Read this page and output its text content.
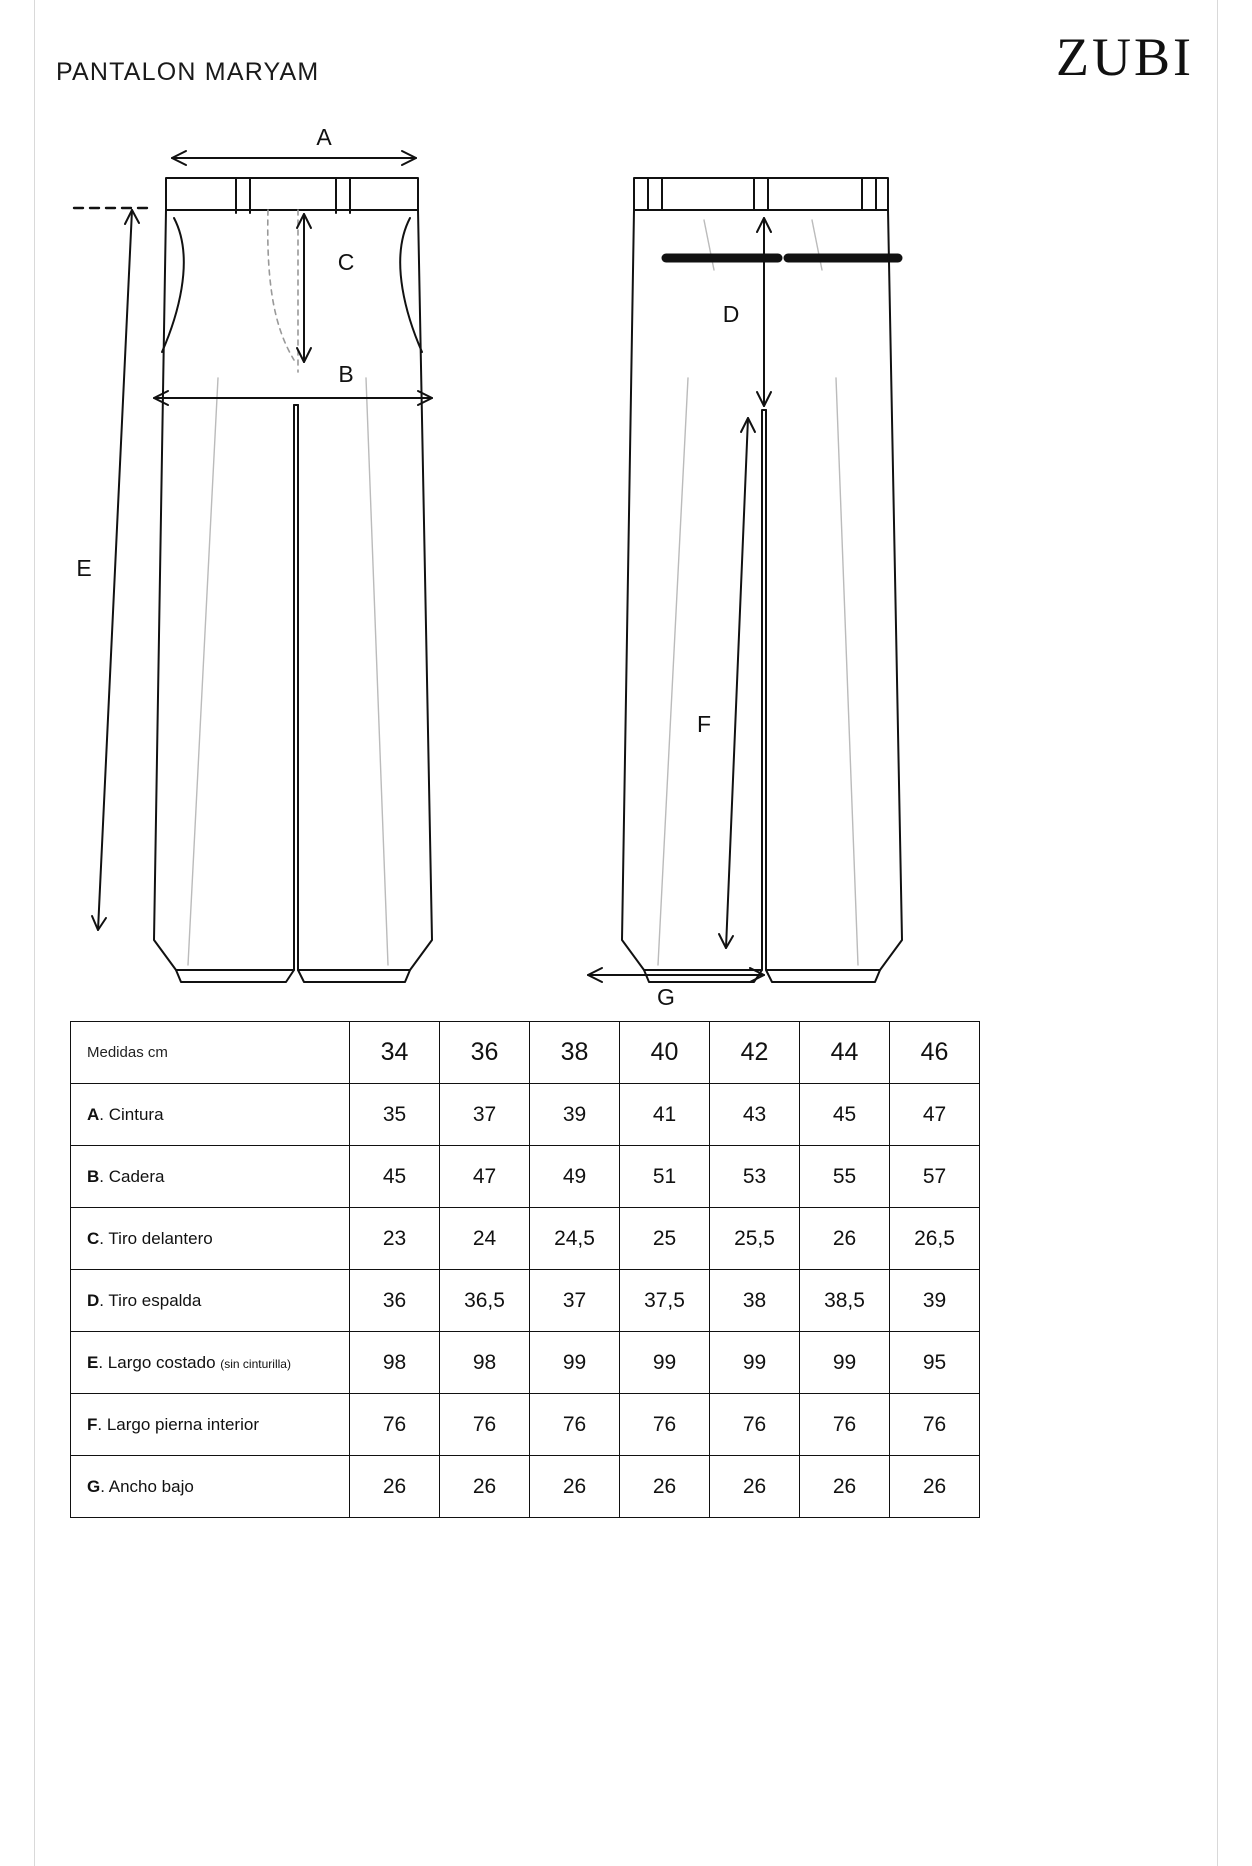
PANTALON MARYAM	ZUBI
A
C
B
E
D
F
G
Medidas cm	34	36	38	40	42	44	46
A. Cintura	35	37	39	41	43	45	47
B. Cadera	45	47	49	51	53	55	57
C. Tiro delantero	23	24	24,5	25	25,5	26	26,5
D. Tiro espalda	36	36,5	37	37,5	38	38,5	39
E. Largo costado (sin cinturilla)	98	98	99	99	99	99	95
F. Largo pierna interior	76	76	76	76	76	76	76
G. Ancho bajo	26	26	26	26	26	26	26
